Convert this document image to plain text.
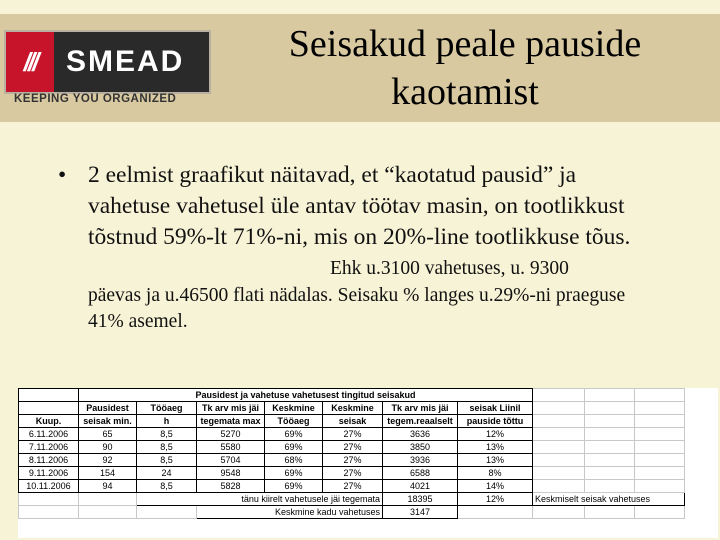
/// SMEAD
KEEPING YOU ORGANIZED
Seisakud peale pauside
kaotamist
• 2 eelmist graafikut näitavad, et “kaotatud pausid” ja vahetuse vahetusel üle antav töötav masin, on tootlikkust tõstnud 59%-lt 71%-ni, mis on 20%-line tootlikkuse tõus.
Ehk u.3100 vahetuses, u. 9300
päevas ja u.46500 flati nädalas. Seisaku % langes u.29%-ni praeguse 41% asemel.
	Pausidest ja vahetuse vahetusest tingitud seisakud									
	Pausidest	Tööaeg	Tk arv mis jäi	Keskmine	Keskmine	Tk arv mis jäi	seisak Liinil			
Kuup.	seisak min.	h	tegemata max	Tööaeg	seisak	tegem.reaalselt	pauside tõttu			
6.11.2006	65	8,5	5270	69%	27%	3636	12%			
7.11.2006	90	8,5	5580	69%	27%	3850	13%			
8.11.2006	92	8,5	5704	68%	27%	3936	13%			
9.11.2006	154	24	9548	69%	27%	6588	8%			
10.11.2006	94	8,5	5828	69%	27%	4021	14%			
		tänu kiirelt vahetusele jäi tegemata				18395	12%	Keskmiselt seisak vahetuses		
			Keskmine kadu vahetuses			3147				
